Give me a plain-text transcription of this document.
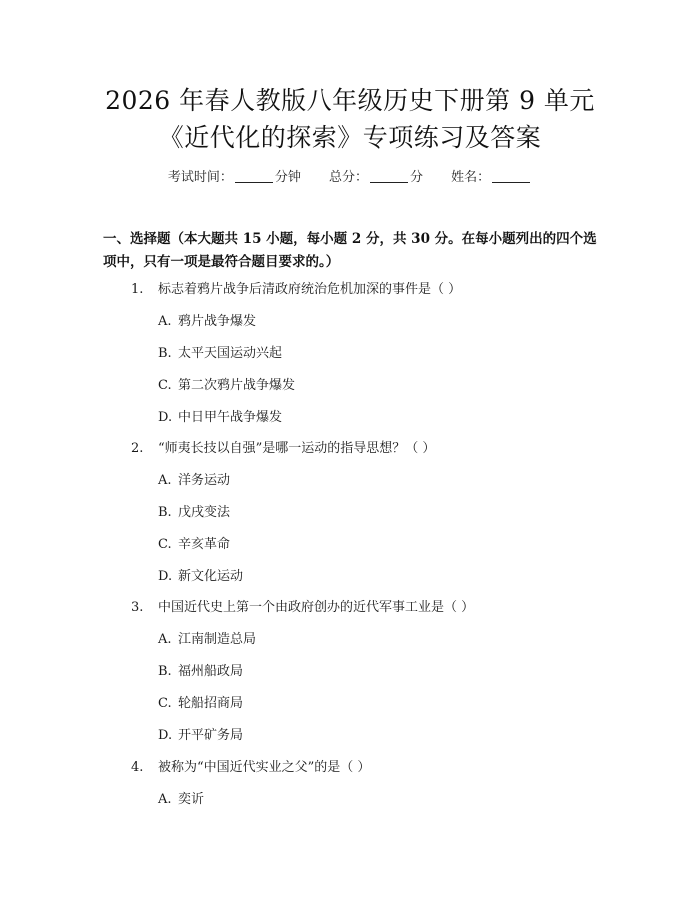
2026 年春人教版八年级历史下册第 9 单元
《近代化的探索》专项练习及答案
考试时间：	分钟 总分：	分 姓名：
一、选择题（本大题共 15 小题，每小题 2 分，共 30 分。在每小题列出的四个选
项中，只有一项是最符合题目要求的。）
1. 标志着鸦片战争后清政府统治危机加深的事件是（ ）
A. 鸦片战争爆发
B. 太平天国运动兴起
C. 第二次鸦片战争爆发
D. 中日甲午战争爆发
2. “师夷长技以自强”是哪一运动的指导思想？（ ）
A. 洋务运动
B. 戊戌变法
C. 辛亥革命
D. 新文化运动
3. 中国近代史上第一个由政府创办的近代军事工业是（ ）
A. 江南制造总局
B. 福州船政局
C. 轮船招商局
D. 开平矿务局
4. 被称为“中国近代实业之父”的是（ ）
A. 奕䜣
